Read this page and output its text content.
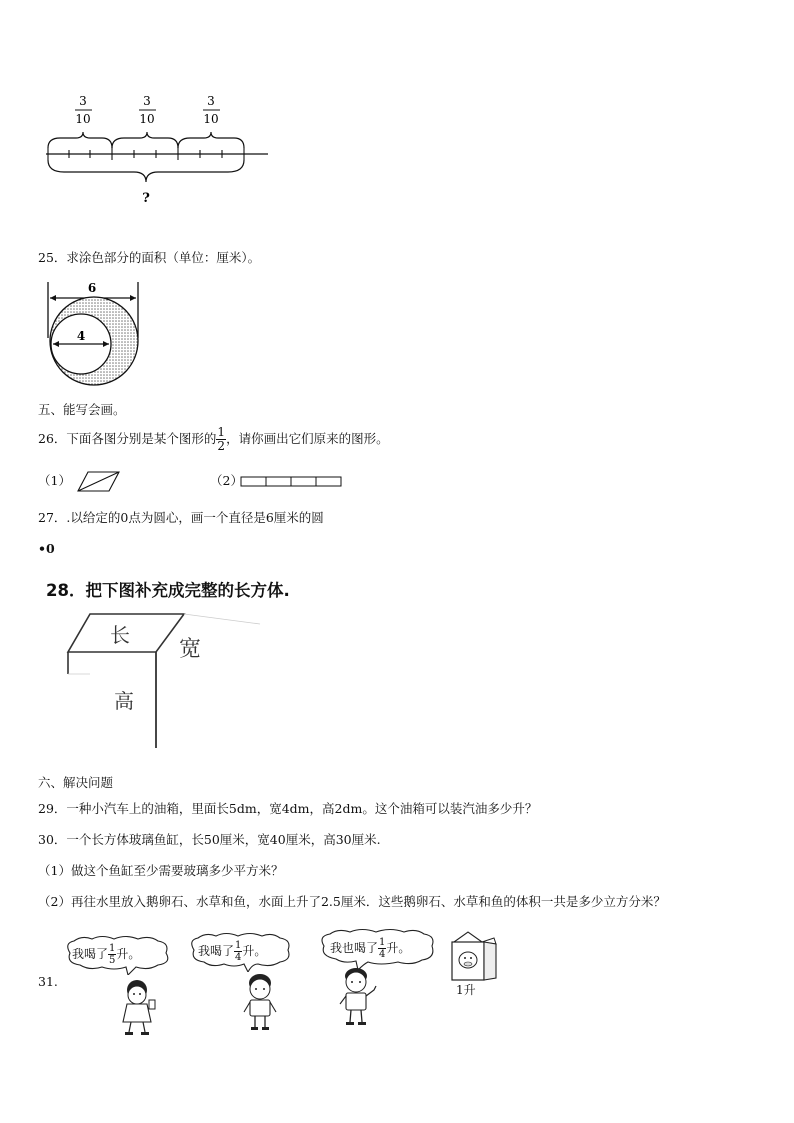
3
10
3
10
3
10
?
25．求涂色部分的面积（单位：厘米）。
6
4
五、能写会画。
26．下面各图分别是某个图形的 $\frac{1}{2}$ ，请你画出它们原来的图形。
（1）	（2）
27．.以给定的0点为圆心，画一个直径是6厘米的圆
•0
28．把下图补充成完整的长方体.
长
宽
高
六、解决问题
29．一种小汽车上的油箱，里面长5dm，宽4dm，高2dm。这个油箱可以装汽油多少升？
30．一个长方体玻璃鱼缸，长50厘米，宽40厘米，高30厘米.
（1）做这个鱼缸至少需要玻璃多少平方米？
（2）再往水里放入鹅卵石、水草和鱼，水面上升了2.5厘米．这些鹅卵石、水草和鱼的体积一共是多少立方分米？
31.
我喝了 $\frac{1}{5}$ 升。	我喝了 $\frac{1}{4}$ 升。	我也喝了 $\frac{1}{4}$ 升。
1升
